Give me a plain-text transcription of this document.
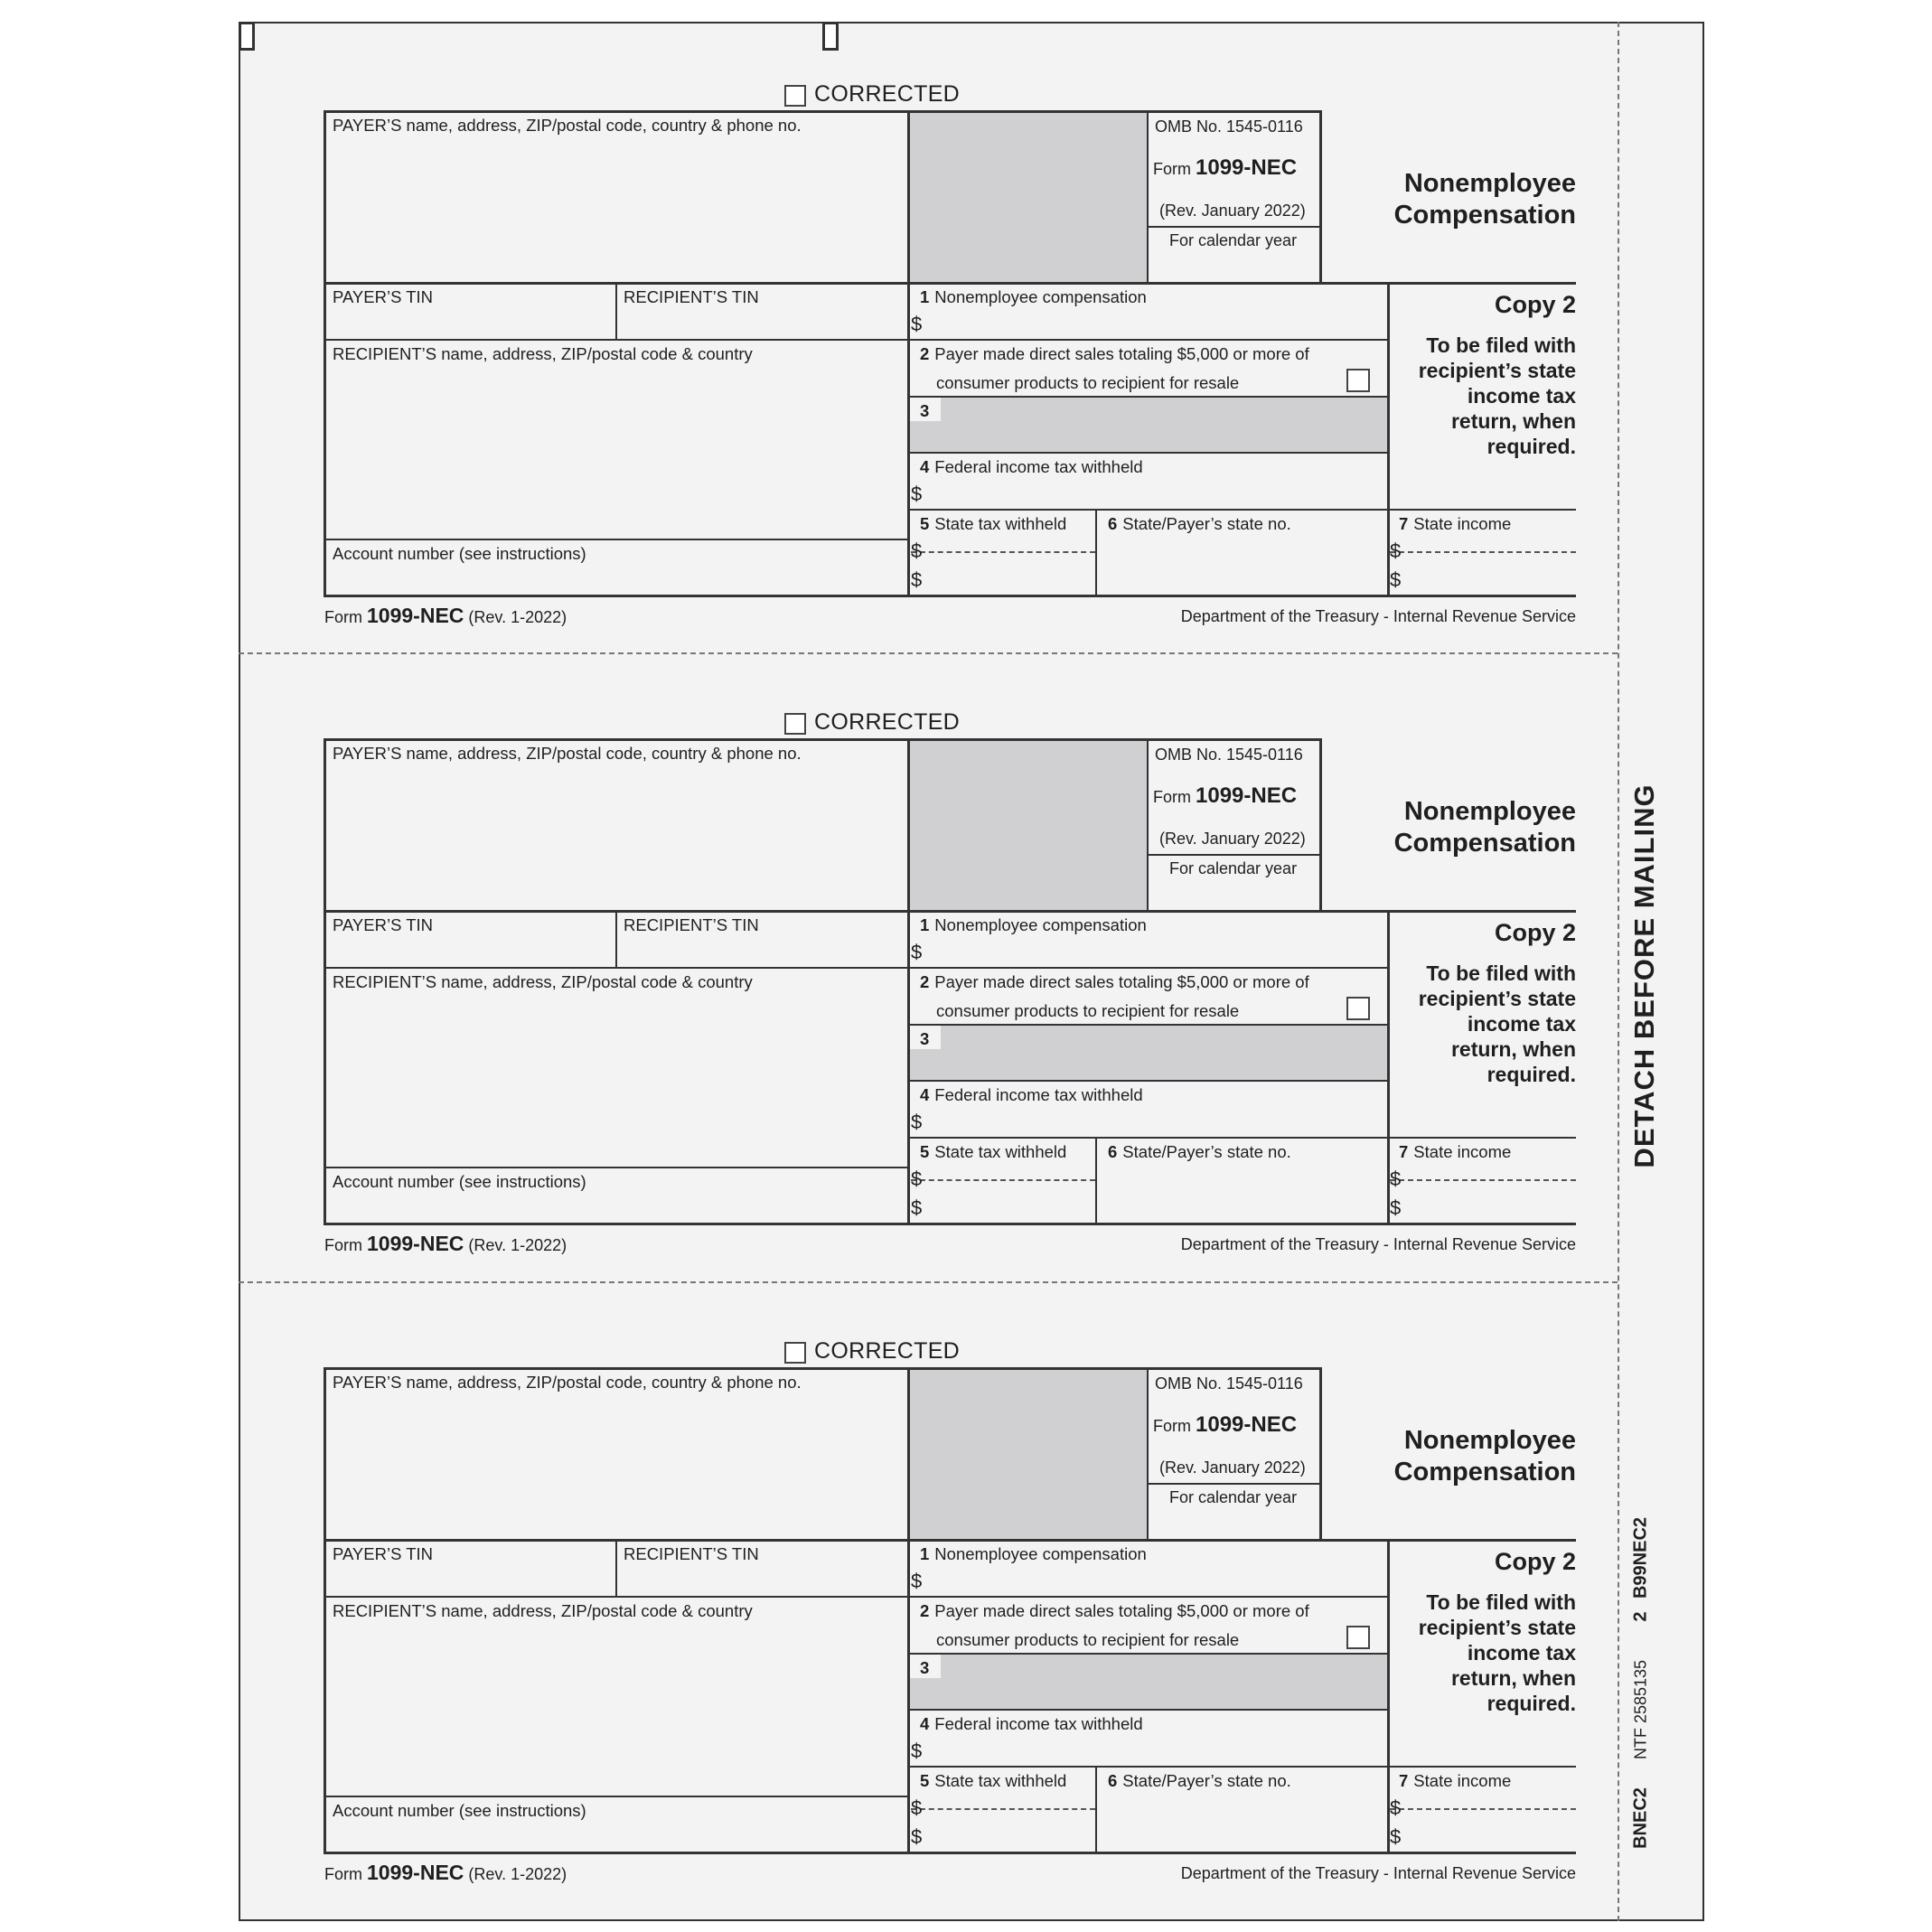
DETACH BEFORE MAILING
B99NEC2
2
NTF 2585135
BNEC2
CORRECTED
PAYER’S name, address, ZIP/postal code, country & phone no.	OMB No. 1545-0116
Form 1099-NEC
(Rev. January 2022)
For calendar year
Nonemployee
Compensation
PAYER’S TIN	RECIPIENT’S TIN
RECIPIENT’S name, address, ZIP/postal code & country
Account number (see instructions)
1 Nonemployee compensation
$
2 Payer made direct sales totaling $5,000 or more of
consumer products to recipient for resale
3
4 Federal income tax withheld
$
5 State tax withheld
$
$
6 State/Payer’s state no.	7 State income
$
$
Copy 2
To be filed with
recipient’s state
income tax
return, when
required.
Form 1099-NEC (Rev. 1-2022)	Department of the Treasury - Internal Revenue Service
CORRECTED
PAYER’S name, address, ZIP/postal code, country & phone no.	OMB No. 1545-0116
Form 1099-NEC
(Rev. January 2022)
For calendar year
Nonemployee
Compensation
PAYER’S TIN	RECIPIENT’S TIN
RECIPIENT’S name, address, ZIP/postal code & country
Account number (see instructions)
1 Nonemployee compensation
$
2 Payer made direct sales totaling $5,000 or more of
consumer products to recipient for resale
3
4 Federal income tax withheld
$
5 State tax withheld
$
$
6 State/Payer’s state no.	7 State income
$
$
Copy 2
To be filed with
recipient’s state
income tax
return, when
required.
Form 1099-NEC (Rev. 1-2022)	Department of the Treasury - Internal Revenue Service
CORRECTED
PAYER’S name, address, ZIP/postal code, country & phone no.	OMB No. 1545-0116
Form 1099-NEC
(Rev. January 2022)
For calendar year
Nonemployee
Compensation
PAYER’S TIN	RECIPIENT’S TIN
RECIPIENT’S name, address, ZIP/postal code & country
Account number (see instructions)
1 Nonemployee compensation
$
2 Payer made direct sales totaling $5,000 or more of
consumer products to recipient for resale
3
4 Federal income tax withheld
$
5 State tax withheld
$
$
6 State/Payer’s state no.	7 State income
$
$
Copy 2
To be filed with
recipient’s state
income tax
return, when
required.
Form 1099-NEC (Rev. 1-2022)	Department of the Treasury - Internal Revenue Service
